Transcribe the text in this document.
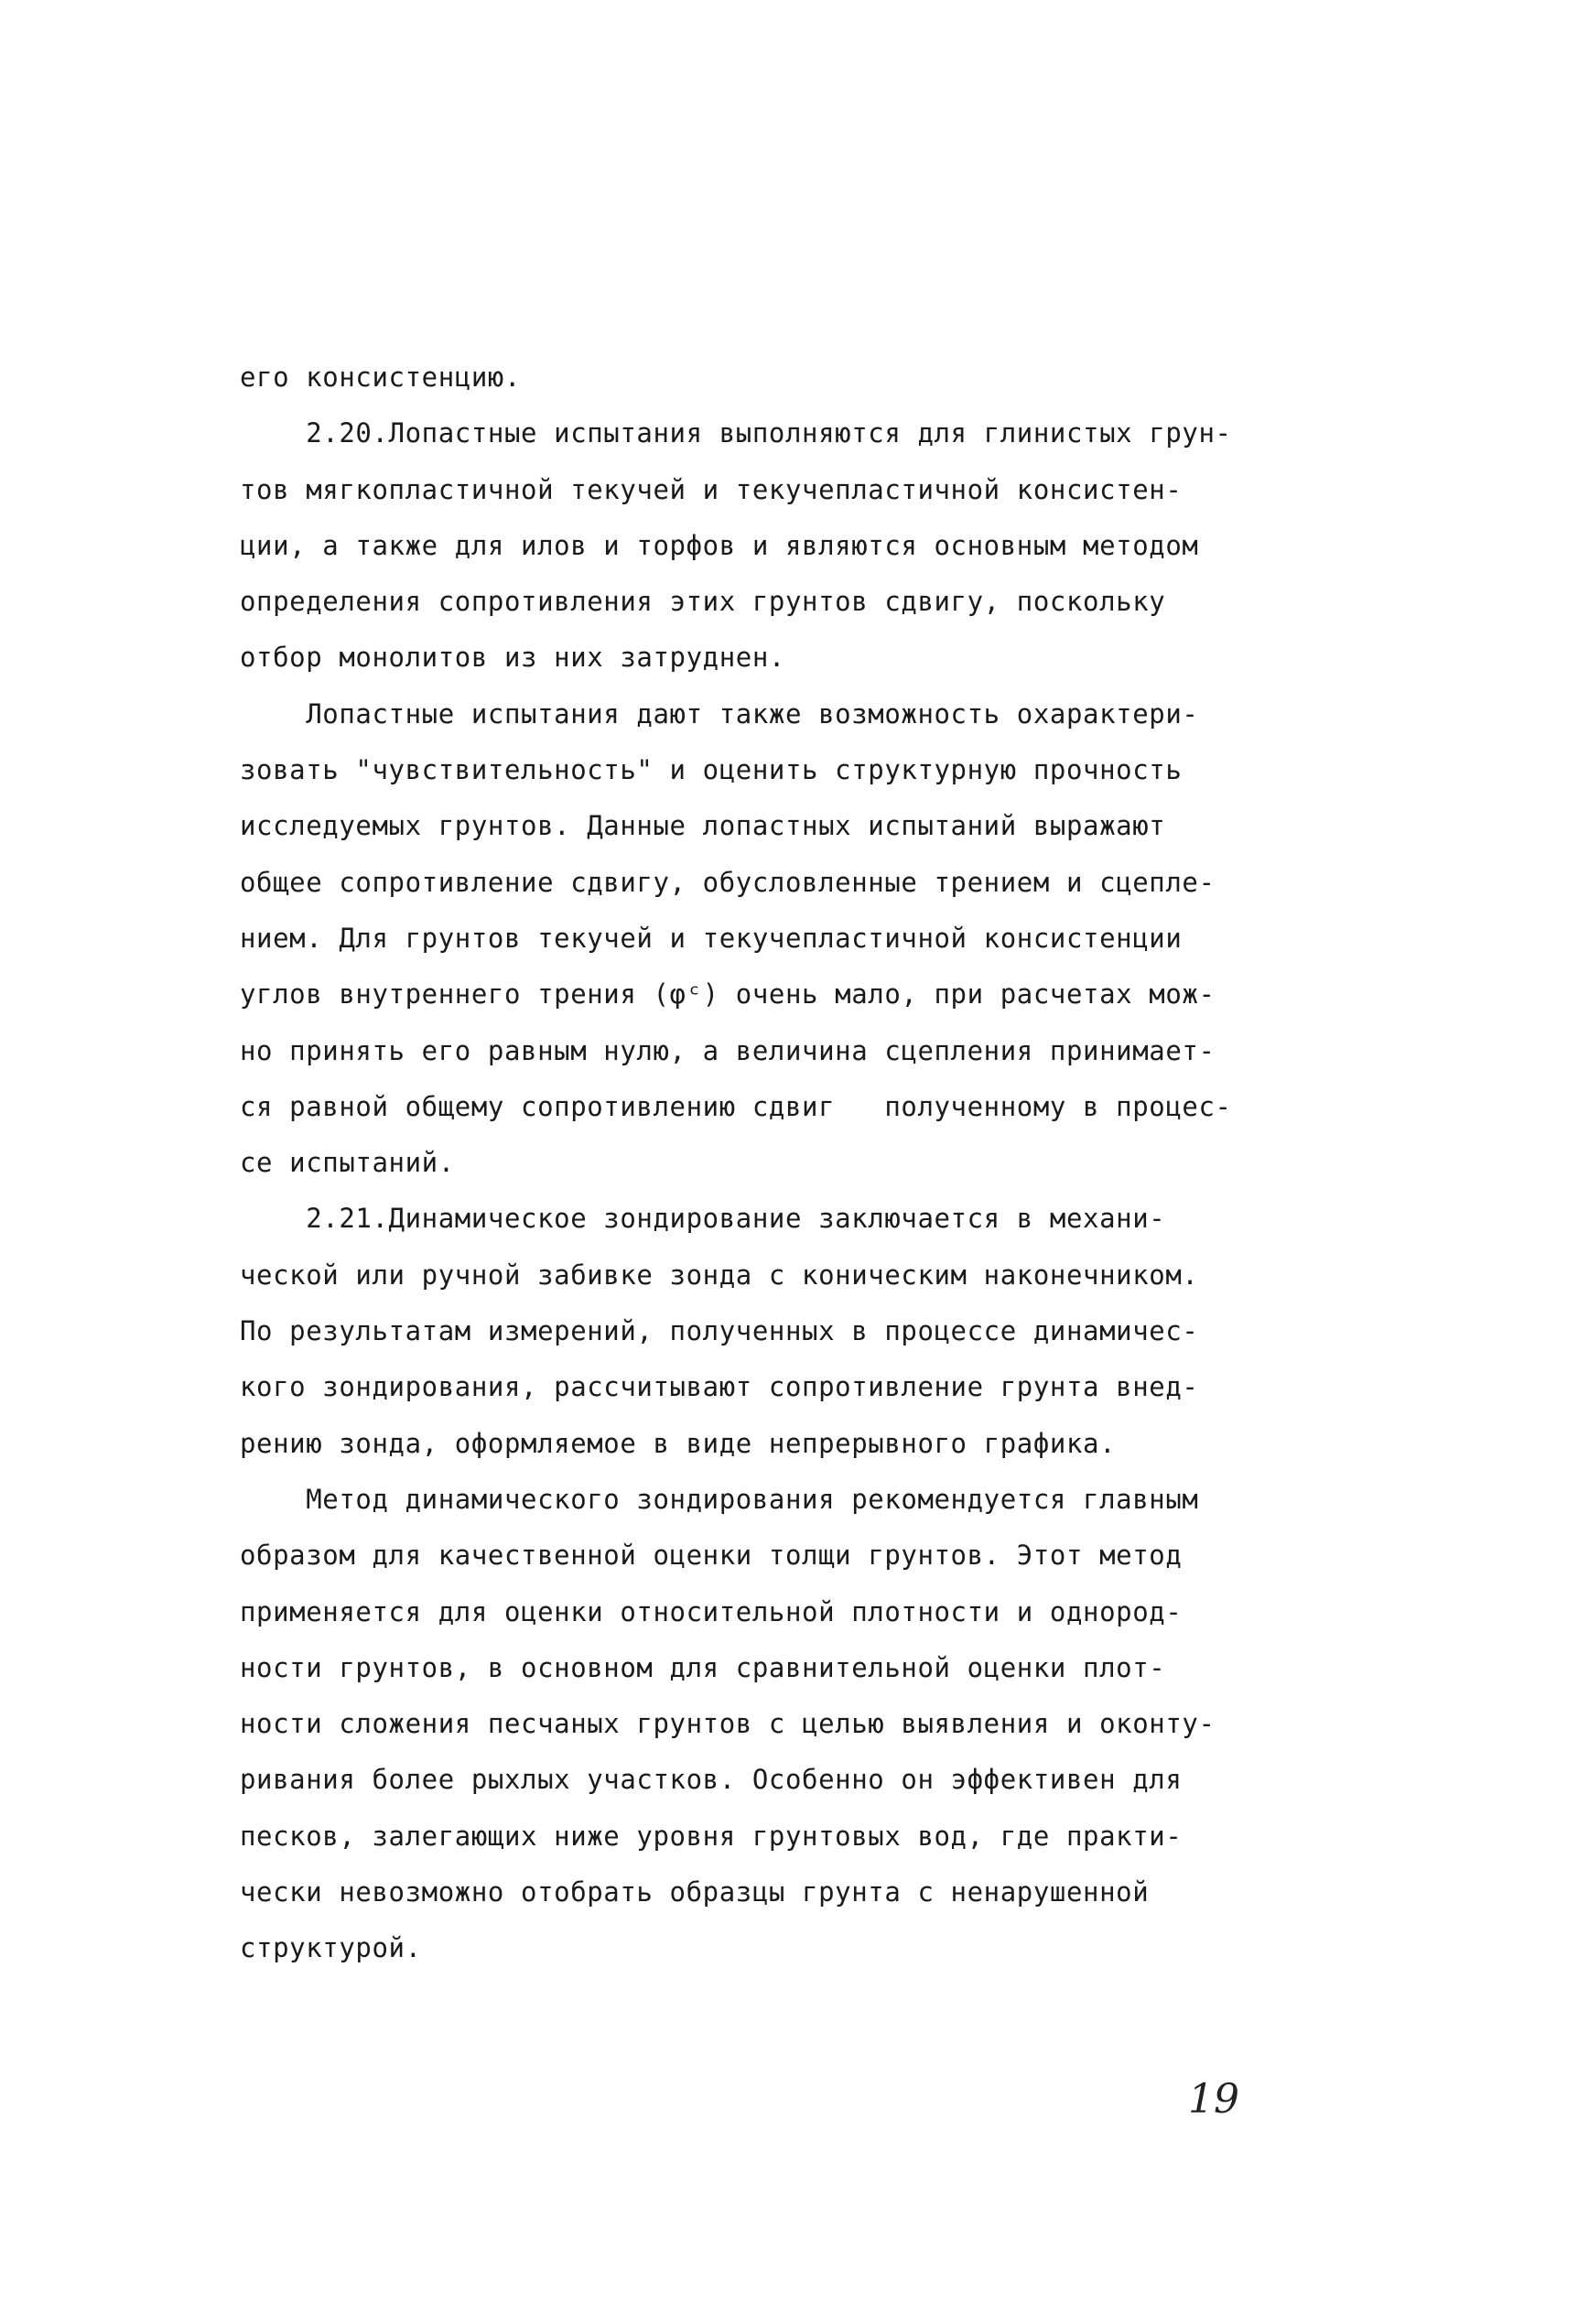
его консистенцию.
2.20.Лопастные испытания выполняются для глинистых грун-
тов мягкопластичной текучей и текучепластичной консистен-
ции, а также для илов и торфов и являются основным методом
определения сопротивления этих грунтов сдвигу, поскольку
отбор монолитов из них затруднен.
Лопастные испытания дают также возможность охарактери-
зовать "чувствительность" и оценить структурную прочность
исследуемых грунтов. Данные лопастных испытаний выражают
общее сопротивление сдвигу, обусловленные трением и сцепле-
нием. Для грунтов текучей и текучепластичной консистенции
углов внутреннего трения (φᶜ) очень мало, при расчетах мож-
но принять его равным нулю, а величина сцепления принимает-
ся равной общему сопротивлению сдвиг   полученному в процес-
се испытаний.
2.21.Динамическое зондирование заключается в механи-
ческой или ручной забивке зонда с коническим наконечником.
По результатам измерений, полученных в процессе динамичес-
кого зондирования, рассчитывают сопротивление грунта внед-
рению зонда, оформляемое в виде непрерывного графика.
Метод динамического зондирования рекомендуется главным
образом для качественной оценки толщи грунтов. Этот метод
применяется для оценки относительной плотности и однород-
ности грунтов, в основном для сравнительной оценки плот-
ности сложения песчаных грунтов с целью выявления и оконту-
ривания более рыхлых участков. Особенно он эффективен для
песков, залегающих ниже уровня грунтовых вод, где практи-
чески невозможно отобрать образцы грунта с ненарушенной
структурой.
19
